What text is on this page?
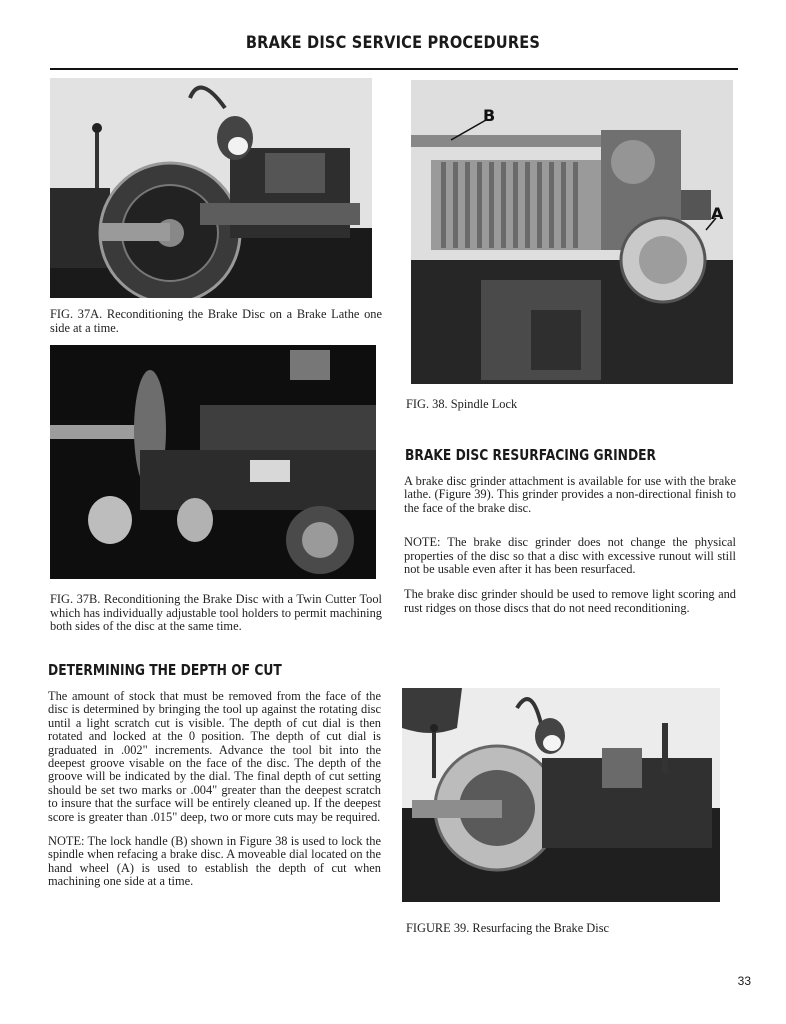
BRAKE DISC SERVICE PROCEDURES
FIG. 37A. Reconditioning the Brake Disc on a Brake Lathe one side at a time.
FIG. 37B. Reconditioning the Brake Disc with a Twin Cutter Tool which has individually adjustable tool holders to permit machining both sides of the disc at the same time.
DETERMINING THE DEPTH OF CUT

The amount of stock that must be removed from the face of the disc is determined by bringing the tool up against the rotating disc until a light scratch cut is visible. The depth of cut dial is then rotated and locked at the 0 position. The depth of cut dial is graduated in .002" increments. Advance the tool bit into the deepest groove visable on the face of the disc. The depth of the groove will be indicated by the dial. The final depth of cut setting should be set two marks or .004" greater than the deepest scratch to insure that the surface will be entirely cleaned up. If the deepest score is greater than .015" deep, two or more cuts may be required.

NOTE: The lock handle (B) shown in Figure 38 is used to lock the spindle when refacing a brake disc. A moveable dial located on the hand wheel (A) is used to establish the depth of cut when machining one side at a time.

B
A
FIG. 38. Spindle Lock
BRAKE DISC RESURFACING GRINDER

A brake disc grinder attachment is available for use with the brake lathe. (Figure 39). This grinder provides a non-directional finish to the face of the brake disc.

NOTE: The brake disc grinder does not change the physical properties of the disc so that a disc with excessive runout will still not be usable even after it has been resurfaced.

The brake disc grinder should be used to remove light scoring and rust ridges on those discs that do not need reconditioning.

FIGURE 39. Resurfacing the Brake Disc
33
